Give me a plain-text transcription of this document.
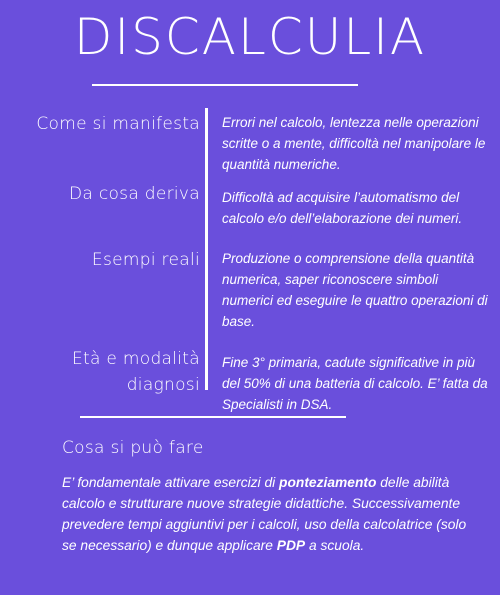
DISCALCULIA
Come si manifesta Errori nel calcolo, lentezza nelle operazioni scritte o a mente, difficoltà nel manipolare le quantità numeriche.
Da cosa deriva Difficoltà ad acquisire l’automatismo del calcolo e/o dell’elaborazione dei numeri.
Esempi reali Produzione o comprensione della quantità numerica, saper riconoscere simboli numerici ed eseguire le quattro operazioni di base.
Età e modalità
diagnosi
Fine 3° primaria, cadute significative in più del 50% di una batteria di calcolo. E’ fatta da Specialisti in DSA.
Cosa si può fare
E’ fondamentale attivare esercizi di ponteziamento delle abilità calcolo e strutturare nuove strategie didattiche. Successivamente prevedere tempi aggiuntivi per i calcoli, uso della calcolatrice (solo se necessario) e dunque applicare PDP a scuola.
